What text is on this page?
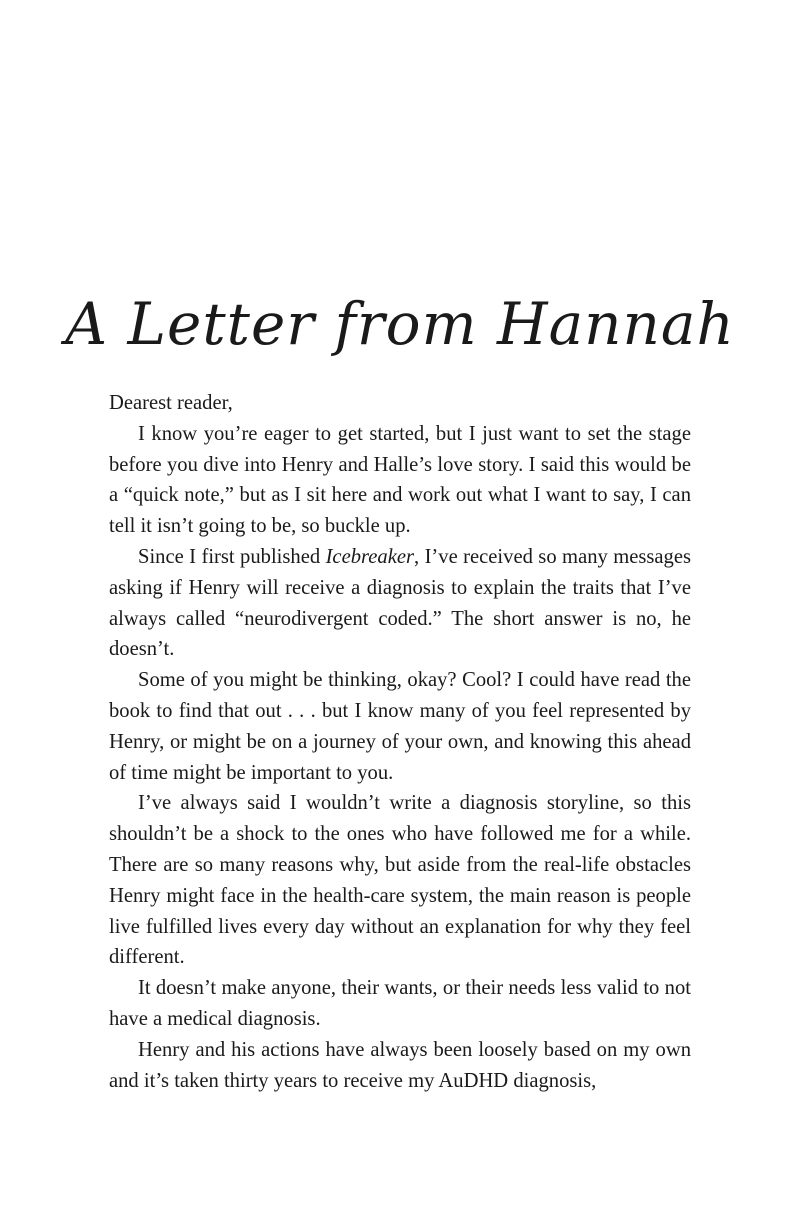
A Letter from Hannah

Dearest reader,

I know you’re eager to get started, but I just want to set the stage before you dive into Henry and Halle’s love story. I said this would be a “quick note,” but as I sit here and work out what I want to say, I can tell it isn’t going to be, so buckle up.

Since I first published Icebreaker, I’ve received so many messages asking if Henry will receive a diagnosis to explain the traits that I’ve always called “neurodivergent coded.” The short answer is no, he doesn’t.

Some of you might be thinking, okay? Cool? I could have read the book to find that out . . . but I know many of you feel represented by Henry, or might be on a journey of your own, and knowing this ahead of time might be important to you.

I’ve always said I wouldn’t write a diagnosis storyline, so this shouldn’t be a shock to the ones who have followed me for a while. There are so many reasons why, but aside from the real-life obstacles Henry might face in the health-care system, the main reason is people live fulfilled lives every day without an explanation for why they feel different.

It doesn’t make anyone, their wants, or their needs less valid to not have a medical diagnosis.

Henry and his actions have always been loosely based on my own and it’s taken thirty years to receive my AuDHD diagnosis,
